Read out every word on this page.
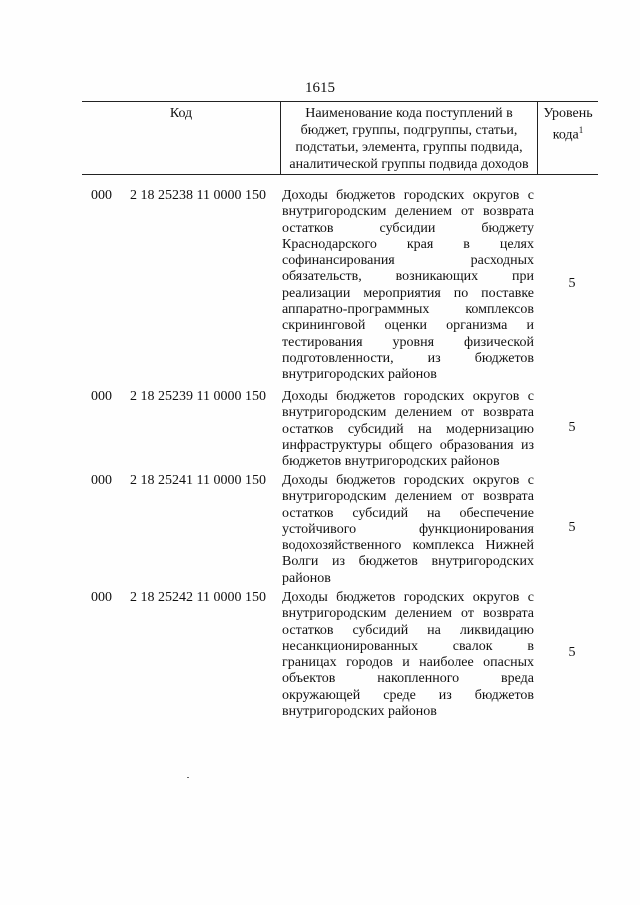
1615
Код	Наименование кода поступлений в
бюджет, группы, подгруппы, статьи,
подстатьи, элемента, группы подвида,
аналитической группы подвида доходов
Уровень
кода$^1$
000 2 18 25238 11 0000 150 Доходы бюджетов городских округов с
внутригородским делением от возврата
остатков субсидии бюджету
Краснодарского края в целях
софинансирования расходных
обязательств, возникающих при
реализации мероприятия по поставке
аппаратно-программных комплексов
скрининговой оценки организма и
тестирования уровня физической
подготовленности, из бюджетов
внутригородских районов
5
000 2 18 25239 11 0000 150 Доходы бюджетов городских округов с
внутригородским делением от возврата
остатков субсидий на модернизацию
инфраструктуры общего образования из
бюджетов внутригородских районов
5
000 2 18 25241 11 0000 150 Доходы бюджетов городских округов с
внутригородским делением от возврата
остатков субсидий на обеспечение
устойчивого функционирования
водохозяйственного комплекса Нижней
Волги из бюджетов внутригородских
районов
5
000 2 18 25242 11 0000 150 Доходы бюджетов городских округов с
внутригородским делением от возврата
остатков субсидий на ликвидацию
несанкционированных свалок в
границах городов и наиболее опасных
объектов накопленного вреда
окружающей среде из бюджетов
внутригородских районов
5
